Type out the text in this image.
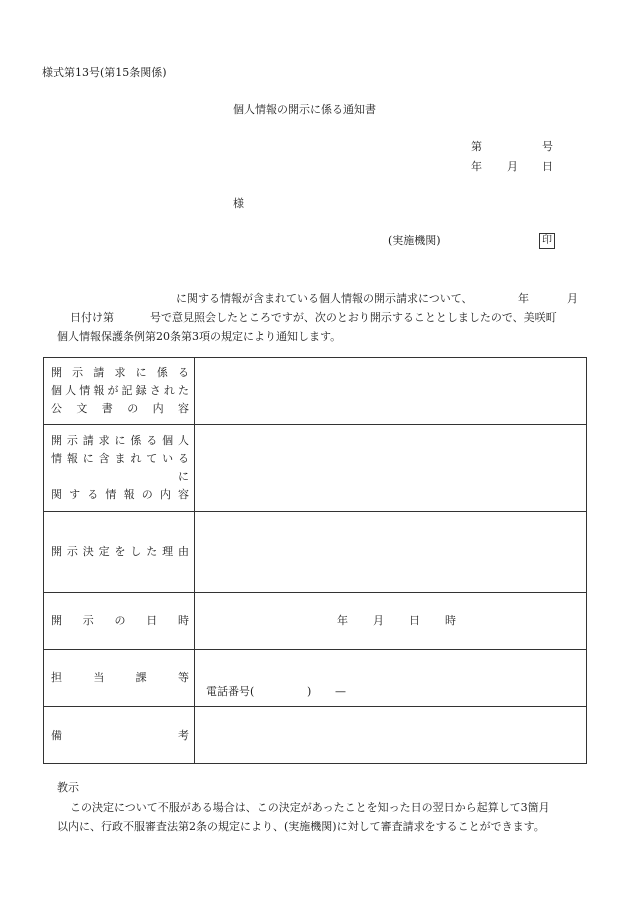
様式第13号(第15条関係)
個人情報の開示に係る通知書
第	号
年 月 日
様
(実施機関)	印
に関する情報が含まれている個人情報の開示請求について、	年	月
日付け第	号で意見照会したところですが、次のとおり開示することとしましたので、美咲町
個人情報保護条例第20条第3項の規定により通知します。
開示請求に係る
個人情報が記録された
公文書の内容	

開示請求に係る個人
情報に含まれている
に
関する情報の内容	

開示決定をした理由	

開示の日時	年 月 日 時

担当課等	電話番号( ) —

備 考	

教示
この決定について不服がある場合は、この決定があったことを知った日の翌日から起算して3箇月
以内に、行政不服審査法第2条の規定により、(実施機関)に対して審査請求をすることができます。
